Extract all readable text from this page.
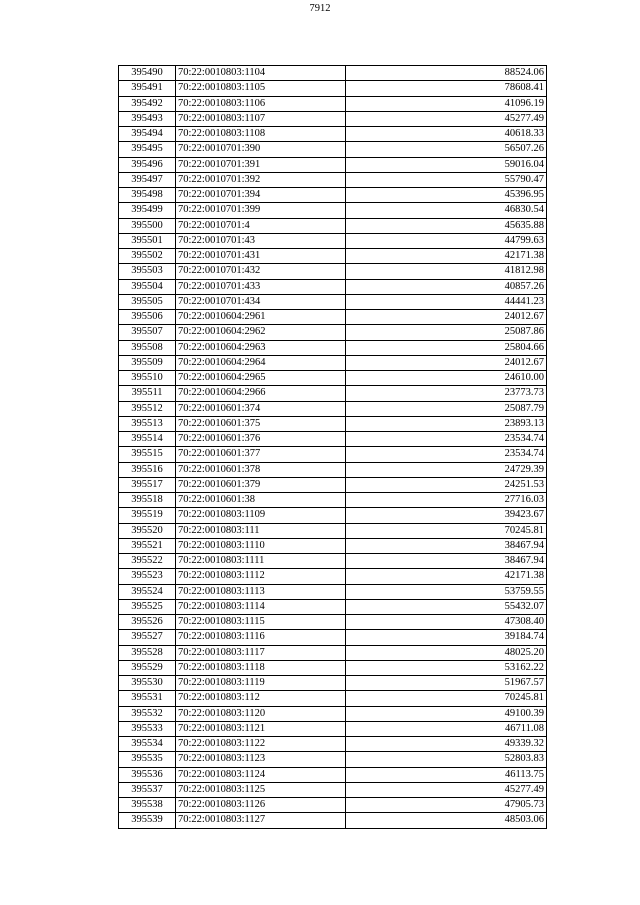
7912
395490	70:22:0010803:1104	88524.06
395491	70:22:0010803:1105	78608.41
395492	70:22:0010803:1106	41096.19
395493	70:22:0010803:1107	45277.49
395494	70:22:0010803:1108	40618.33
395495	70:22:0010701:390	56507.26
395496	70:22:0010701:391	59016.04
395497	70:22:0010701:392	55790.47
395498	70:22:0010701:394	45396.95
395499	70:22:0010701:399	46830.54
395500	70:22:0010701:4	45635.88
395501	70:22:0010701:43	44799.63
395502	70:22:0010701:431	42171.38
395503	70:22:0010701:432	41812.98
395504	70:22:0010701:433	40857.26
395505	70:22:0010701:434	44441.23
395506	70:22:0010604:2961	24012.67
395507	70:22:0010604:2962	25087.86
395508	70:22:0010604:2963	25804.66
395509	70:22:0010604:2964	24012.67
395510	70:22:0010604:2965	24610.00
395511	70:22:0010604:2966	23773.73
395512	70:22:0010601:374	25087.79
395513	70:22:0010601:375	23893.13
395514	70:22:0010601:376	23534.74
395515	70:22:0010601:377	23534.74
395516	70:22:0010601:378	24729.39
395517	70:22:0010601:379	24251.53
395518	70:22:0010601:38	27716.03
395519	70:22:0010803:1109	39423.67
395520	70:22:0010803:111	70245.81
395521	70:22:0010803:1110	38467.94
395522	70:22:0010803:1111	38467.94
395523	70:22:0010803:1112	42171.38
395524	70:22:0010803:1113	53759.55
395525	70:22:0010803:1114	55432.07
395526	70:22:0010803:1115	47308.40
395527	70:22:0010803:1116	39184.74
395528	70:22:0010803:1117	48025.20
395529	70:22:0010803:1118	53162.22
395530	70:22:0010803:1119	51967.57
395531	70:22:0010803:112	70245.81
395532	70:22:0010803:1120	49100.39
395533	70:22:0010803:1121	46711.08
395534	70:22:0010803:1122	49339.32
395535	70:22:0010803:1123	52803.83
395536	70:22:0010803:1124	46113.75
395537	70:22:0010803:1125	45277.49
395538	70:22:0010803:1126	47905.73
395539	70:22:0010803:1127	48503.06
